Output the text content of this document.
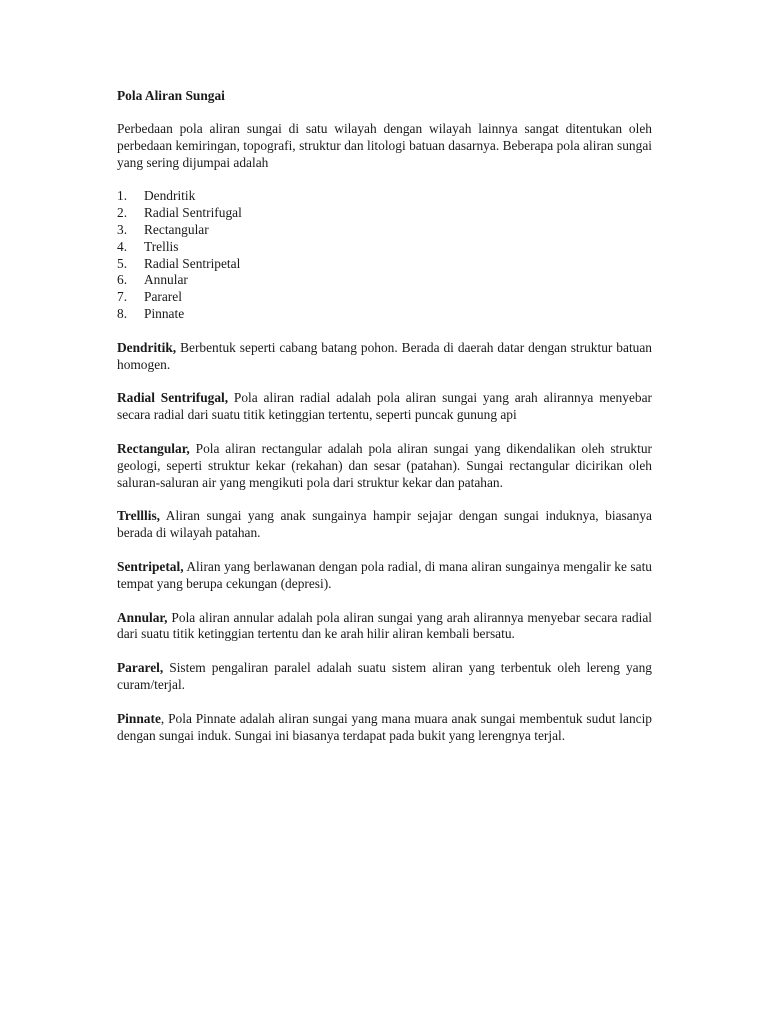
Pola Aliran Sungai

Perbedaan pola aliran sungai di satu wilayah dengan wilayah lainnya sangat ditentukan oleh perbedaan kemiringan, topografi, struktur dan litologi batuan dasarnya. Beberapa pola aliran sungai yang sering dijumpai adalah

1.	Dendritik
2.	Radial Sentrifugal
3.	Rectangular
4.	Trellis
5.	Radial Sentripetal
6.	Annular
7.	Pararel
8.	Pinnate

Dendritik, Berbentuk seperti cabang batang pohon. Berada di daerah datar dengan struktur batuan homogen.

Radial Sentrifugal, Pola aliran radial adalah pola aliran sungai yang arah alirannya menyebar secara radial dari suatu titik ketinggian tertentu, seperti puncak gunung api

Rectangular, Pola aliran rectangular adalah pola aliran sungai yang dikendalikan oleh struktur geologi, seperti struktur kekar (rekahan) dan sesar (patahan). Sungai rectangular dicirikan oleh saluran-saluran air yang mengikuti pola dari struktur kekar dan patahan.

Trelllis, Aliran sungai yang anak sungainya hampir sejajar dengan sungai induknya, biasanya berada di wilayah patahan.

Sentripetal, Aliran yang berlawanan dengan pola radial, di mana aliran sungainya mengalir ke satu tempat yang berupa cekungan (depresi).

Annular, Pola aliran annular adalah pola aliran sungai yang arah alirannya menyebar secara radial dari suatu titik ketinggian tertentu dan ke arah hilir aliran kembali bersatu.

Pararel, Sistem pengaliran paralel adalah suatu sistem aliran yang terbentuk oleh lereng yang curam/terjal.

Pinnate, Pola Pinnate adalah aliran sungai yang mana muara anak sungai membentuk sudut lancip dengan sungai induk. Sungai ini biasanya terdapat pada bukit yang lerengnya terjal.
